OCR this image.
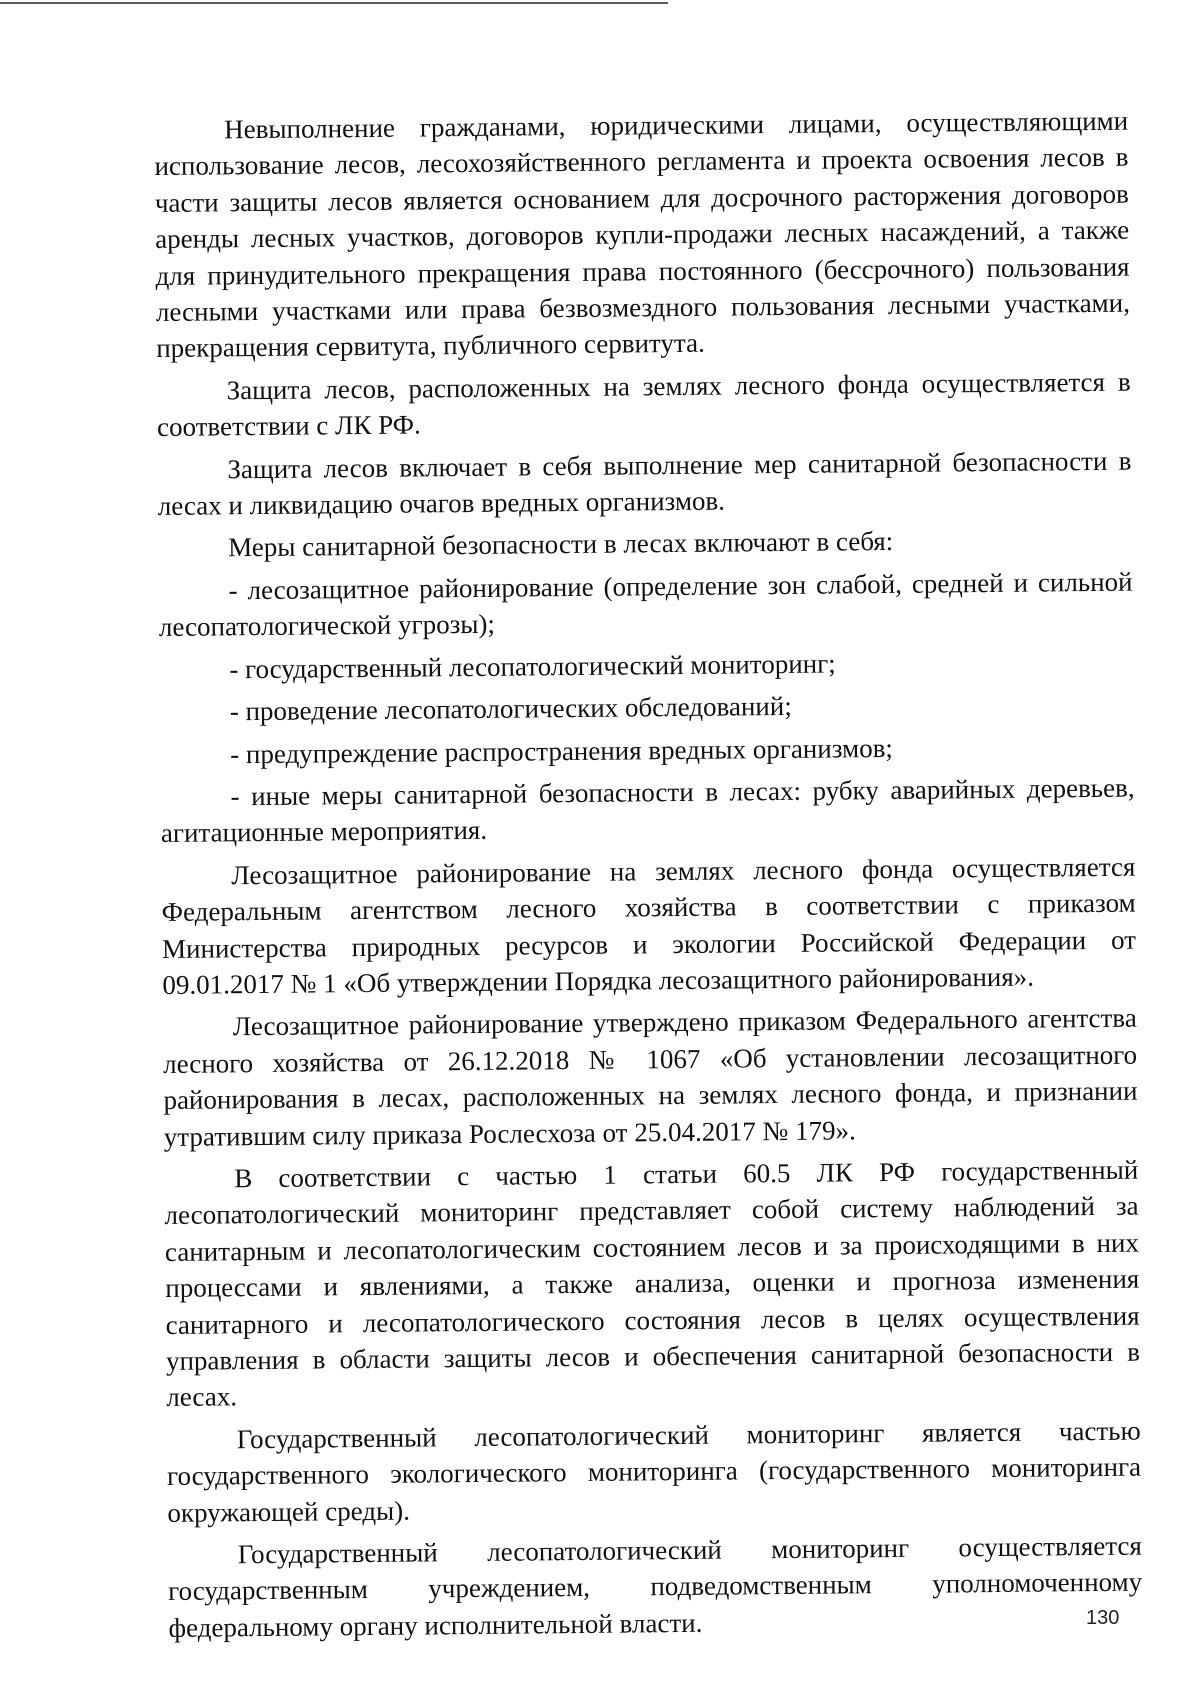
Невыполнение гражданами, юридическими лицами, осуществляющими использование лесов, лесохозяйственного регламента и проекта освоения лесов в части защиты лесов является основанием для досрочного расторжения договоров аренды лесных участков, договоров купли-продажи лесных насаждений, а также для принудительного прекращения права постоянного (бессрочного) пользования лесными участками или права безвозмездного пользования лесными участками, прекращения сервитута, публичного сервитута.

Защита лесов, расположенных на землях лесного фонда осуществляется в соответствии с ЛК РФ.

Защита лесов включает в себя выполнение мер санитарной безопасности в лесах и ликвидацию очагов вредных организмов.

Меры санитарной безопасности в лесах включают в себя:

- лесозащитное районирование (определение зон слабой, средней и сильной лесопатологической угрозы);

- государственный лесопатологический мониторинг;

- проведение лесопатологических обследований;

- предупреждение распространения вредных организмов;

- иные меры санитарной безопасности в лесах: рубку аварийных деревьев, агитационные мероприятия.

Лесозащитное районирование на землях лесного фонда осуществляется Федеральным агентством лесного хозяйства в соответствии с приказом Министерства природных ресурсов и экологии Российской Федерации от 09.01.2017 № 1 «Об утверждении Порядка лесозащитного районирования».

Лесозащитное районирование утверждено приказом Федерального агентства лесного хозяйства от 26.12.2018 № 1067 «Об установлении лесозащитного районирования в лесах, расположенных на землях лесного фонда, и признании утратившим силу приказа Рослесхоза от 25.04.2017 № 179».

В соответствии с частью 1 статьи 60.5 ЛК РФ государственный лесопатологический мониторинг представляет собой систему наблюдений за санитарным и лесопатологическим состоянием лесов и за происходящими в них процессами и явлениями, а также анализа, оценки и прогноза изменения санитарного и лесопатологического состояния лесов в целях осуществления управления в области защиты лесов и обеспечения санитарной безопасности в лесах.

Государственный лесопатологический мониторинг является частью государственного экологического мониторинга (государственного мониторинга окружающей среды).

Государственный лесопатологический мониторинг осуществляется государственным учреждением, подведомственным уполномоченному федеральному органу исполнительной власти.	130
